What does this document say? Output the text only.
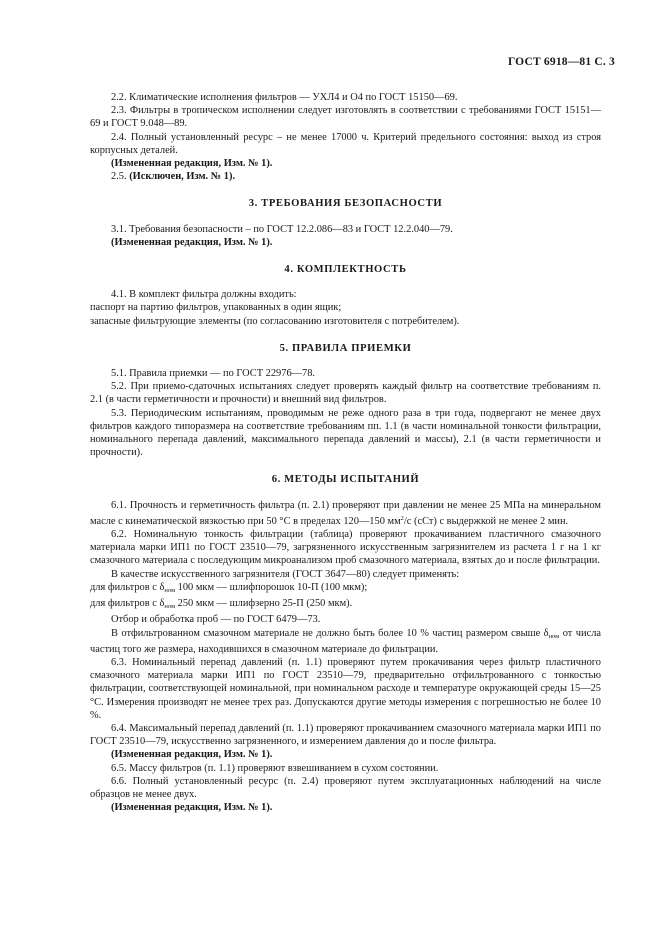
ГОСТ 6918—81 С. 3

2.2. Климатические исполнения фильтров — УХЛ4 и О4 по ГОСТ 15150—69.

2.3. Фильтры в тропическом исполнении следует изготовлять в соответствии с требованиями ГОСТ 15151—69 и ГОСТ 9.048—89.

2.4. Полный установленный ресурс – не менее 17000 ч. Критерий предельного состояния: выход из строя корпусных деталей.

(Измененная редакция, Изм. № 1).

2.5. (Исключен, Изм. № 1).

3. ТРЕБОВАНИЯ БЕЗОПАСНОСТИ

3.1. Требования безопасности – по ГОСТ 12.2.086—83 и ГОСТ 12.2.040—79.

(Измененная редакция, Изм. № 1).

4. КОМПЛЕКТНОСТЬ

4.1. В комплект фильтра должны входить:

паспорт на партию фильтров, упакованных в один ящик;

запасные фильтрующие элементы (по согласованию изготовителя с потребителем).

5. ПРАВИЛА ПРИЕМКИ

5.1. Правила приемки — по ГОСТ 22976—78.

5.2. При приемо-сдаточных испытаниях следует проверять каждый фильтр на соответствие требованиям п. 2.1 (в части герметичности и прочности) и внешний вид фильтров.

5.3. Периодическим испытаниям, проводимым не реже одного раза в три года, подвергают не менее двух фильтров каждого типоразмера на соответствие требованиям пп. 1.1 (в части номинальной тонкости фильтрации, номинального перепада давлений, максимального перепада давлений и массы), 2.1 (в части герметичности и прочности).

6. МЕТОДЫ ИСПЫТАНИЙ

6.1. Прочность и герметичность фильтра (п. 2.1) проверяют при давлении не менее 25 МПа на минеральном масле с кинематической вязкостью при 50 °С в пределах 120—150 $мм^2/с$ (сСт) с выдержкой не менее 2 мин.

6.2. Номинальную тонкость фильтрации (таблица) проверяют прокачиванием пластичного смазочного материала марки ИП1 по ГОСТ 23510—79, загрязненного искусственным загрязнителем из расчета 1 г на 1 кг смазочного материала с последующим микроанализом проб смазочного материала, взятых до и после фильтрации.

В качестве искусственного загрязнителя (ГОСТ 3647—80) следует применять:

для фильтров с $\delta_{ном}$ 100 мкм — шлифпорошок 10-П (100 мкм);

для фильтров с $\delta_{ном}$ 250 мкм — шлифзерно 25-П (250 мкм).

Отбор и обработка проб — по ГОСТ 6479—73.

В отфильтрованном смазочном материале не должно быть более 10 % частиц размером свыше $\delta_{ном}$ от числа частиц того же размера, находившихся в смазочном материале до фильтрации.

6.3. Номинальный перепад давлений (п. 1.1) проверяют путем прокачивания через фильтр пластичного смазочного материала марки ИП1 по ГОСТ 23510—79, предварительно отфильтрованного с тонкостью фильтрации, соответствующей номинальной, при номинальном расходе и температуре окружающей среды 15—25 °С. Измерения производят не менее трех раз. Допускаются другие методы измерения с погрешностью не более 10 %.

6.4. Максимальный перепад давлений (п. 1.1) проверяют прокачиванием смазочного материала марки ИП1 по ГОСТ 23510—79, искусственно загрязненного, и измерением давления до и после фильтра.

(Измененная редакция, Изм. № 1).

6.5. Массу фильтров (п. 1.1) проверяют взвешиванием в сухом состоянии.

6.6. Полный установленный ресурс (п. 2.4) проверяют путем эксплуатационных наблюдений на числе образцов не менее двух.

(Измененная редакция, Изм. № 1).
